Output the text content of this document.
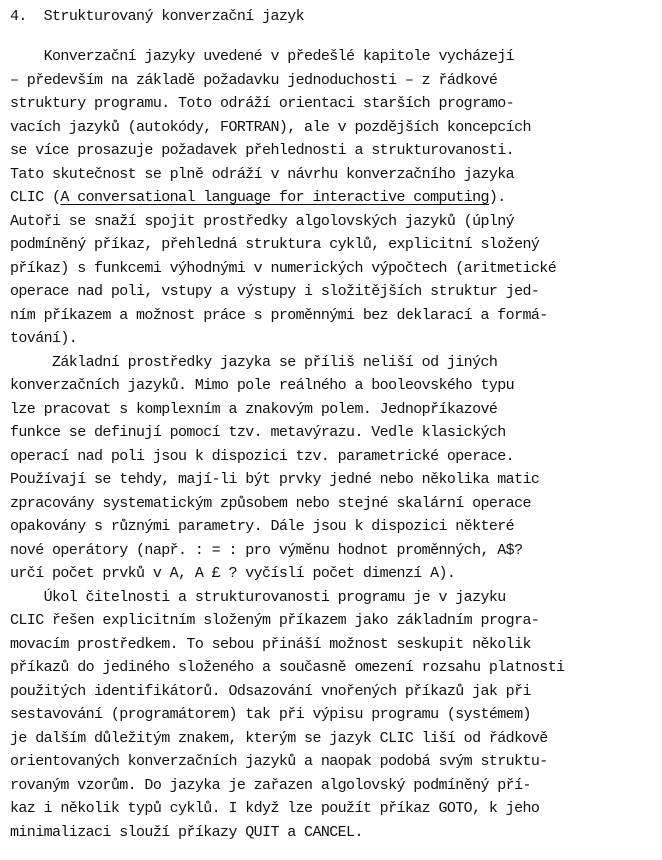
4. Strukturovaný konverzační jazyk
Konverzační jazyky uvedené v předešlé kapitole vycházejí
– především na základě požadavku jednoduchosti – z řádkové
struktury programu. Toto odráží orientaci starších programo-
vacích jazyků (autokódy, FORTRAN), ale v pozdějších koncepcích
se více prosazuje požadavek přehlednosti a strukturovanosti.
Tato skutečnost se plně odráží v návrhu konverzačního jazyka
CLIC (A conversational language for interactive computing).
Autoři se snaží spojit prostředky algolovských jazyků (úplný
podmíněný příkaz, přehledná struktura cyklů, explicitní složený
příkaz) s funkcemi výhodnými v numerických výpočtech (aritmetické
operace nad poli, vstupy a výstupy i složitějších struktur jed-
ním příkazem a možnost práce s proměnnými bez deklarací a formá-
tování).
Základní prostředky jazyka se příliš neliší od jiných
konverzačních jazyků. Mimo pole reálného a booleovského typu
lze pracovat s komplexním a znakovým polem. Jednopříkazové
funkce se definují pomocí tzv. metavýrazu. Vedle klasických
operací nad poli jsou k dispozici tzv. parametrické operace.
Používají se tehdy, mají-li být prvky jedné nebo několika matic
zpracovány systematickým způsobem nebo stejné skalární operace
opakovány s různými parametry. Dále jsou k dispozici některé
nové operátory (např. : = : pro výměnu hodnot proměnných, A$?
určí počet prvků v A, A £ ? vyčíslí počet dimenzí A).
Úkol čitelnosti a strukturovanosti programu je v jazyku
CLIC řešen explicitním složeným příkazem jako základním progra-
movacím prostředkem. To sebou přináší možnost seskupit několik
příkazů do jediného složeného a současně omezení rozsahu platnosti
použitých identifikátorů. Odsazování vnořených příkazů jak při
sestavování (programátorem) tak při výpisu programu (systémem)
je dalším důležitým znakem, kterým se jazyk CLIC liší od řádkově
orientovaných konverzačních jazyků a naopak podobá svým struktu-
rovaným vzorům. Do jazyka je zařazen algolovský podmíněný pří-
kaz i několik typů cyklů. I když lze použít příkaz GOTO, k jeho
minimalizaci slouží příkazy QUIT a CANCEL.
